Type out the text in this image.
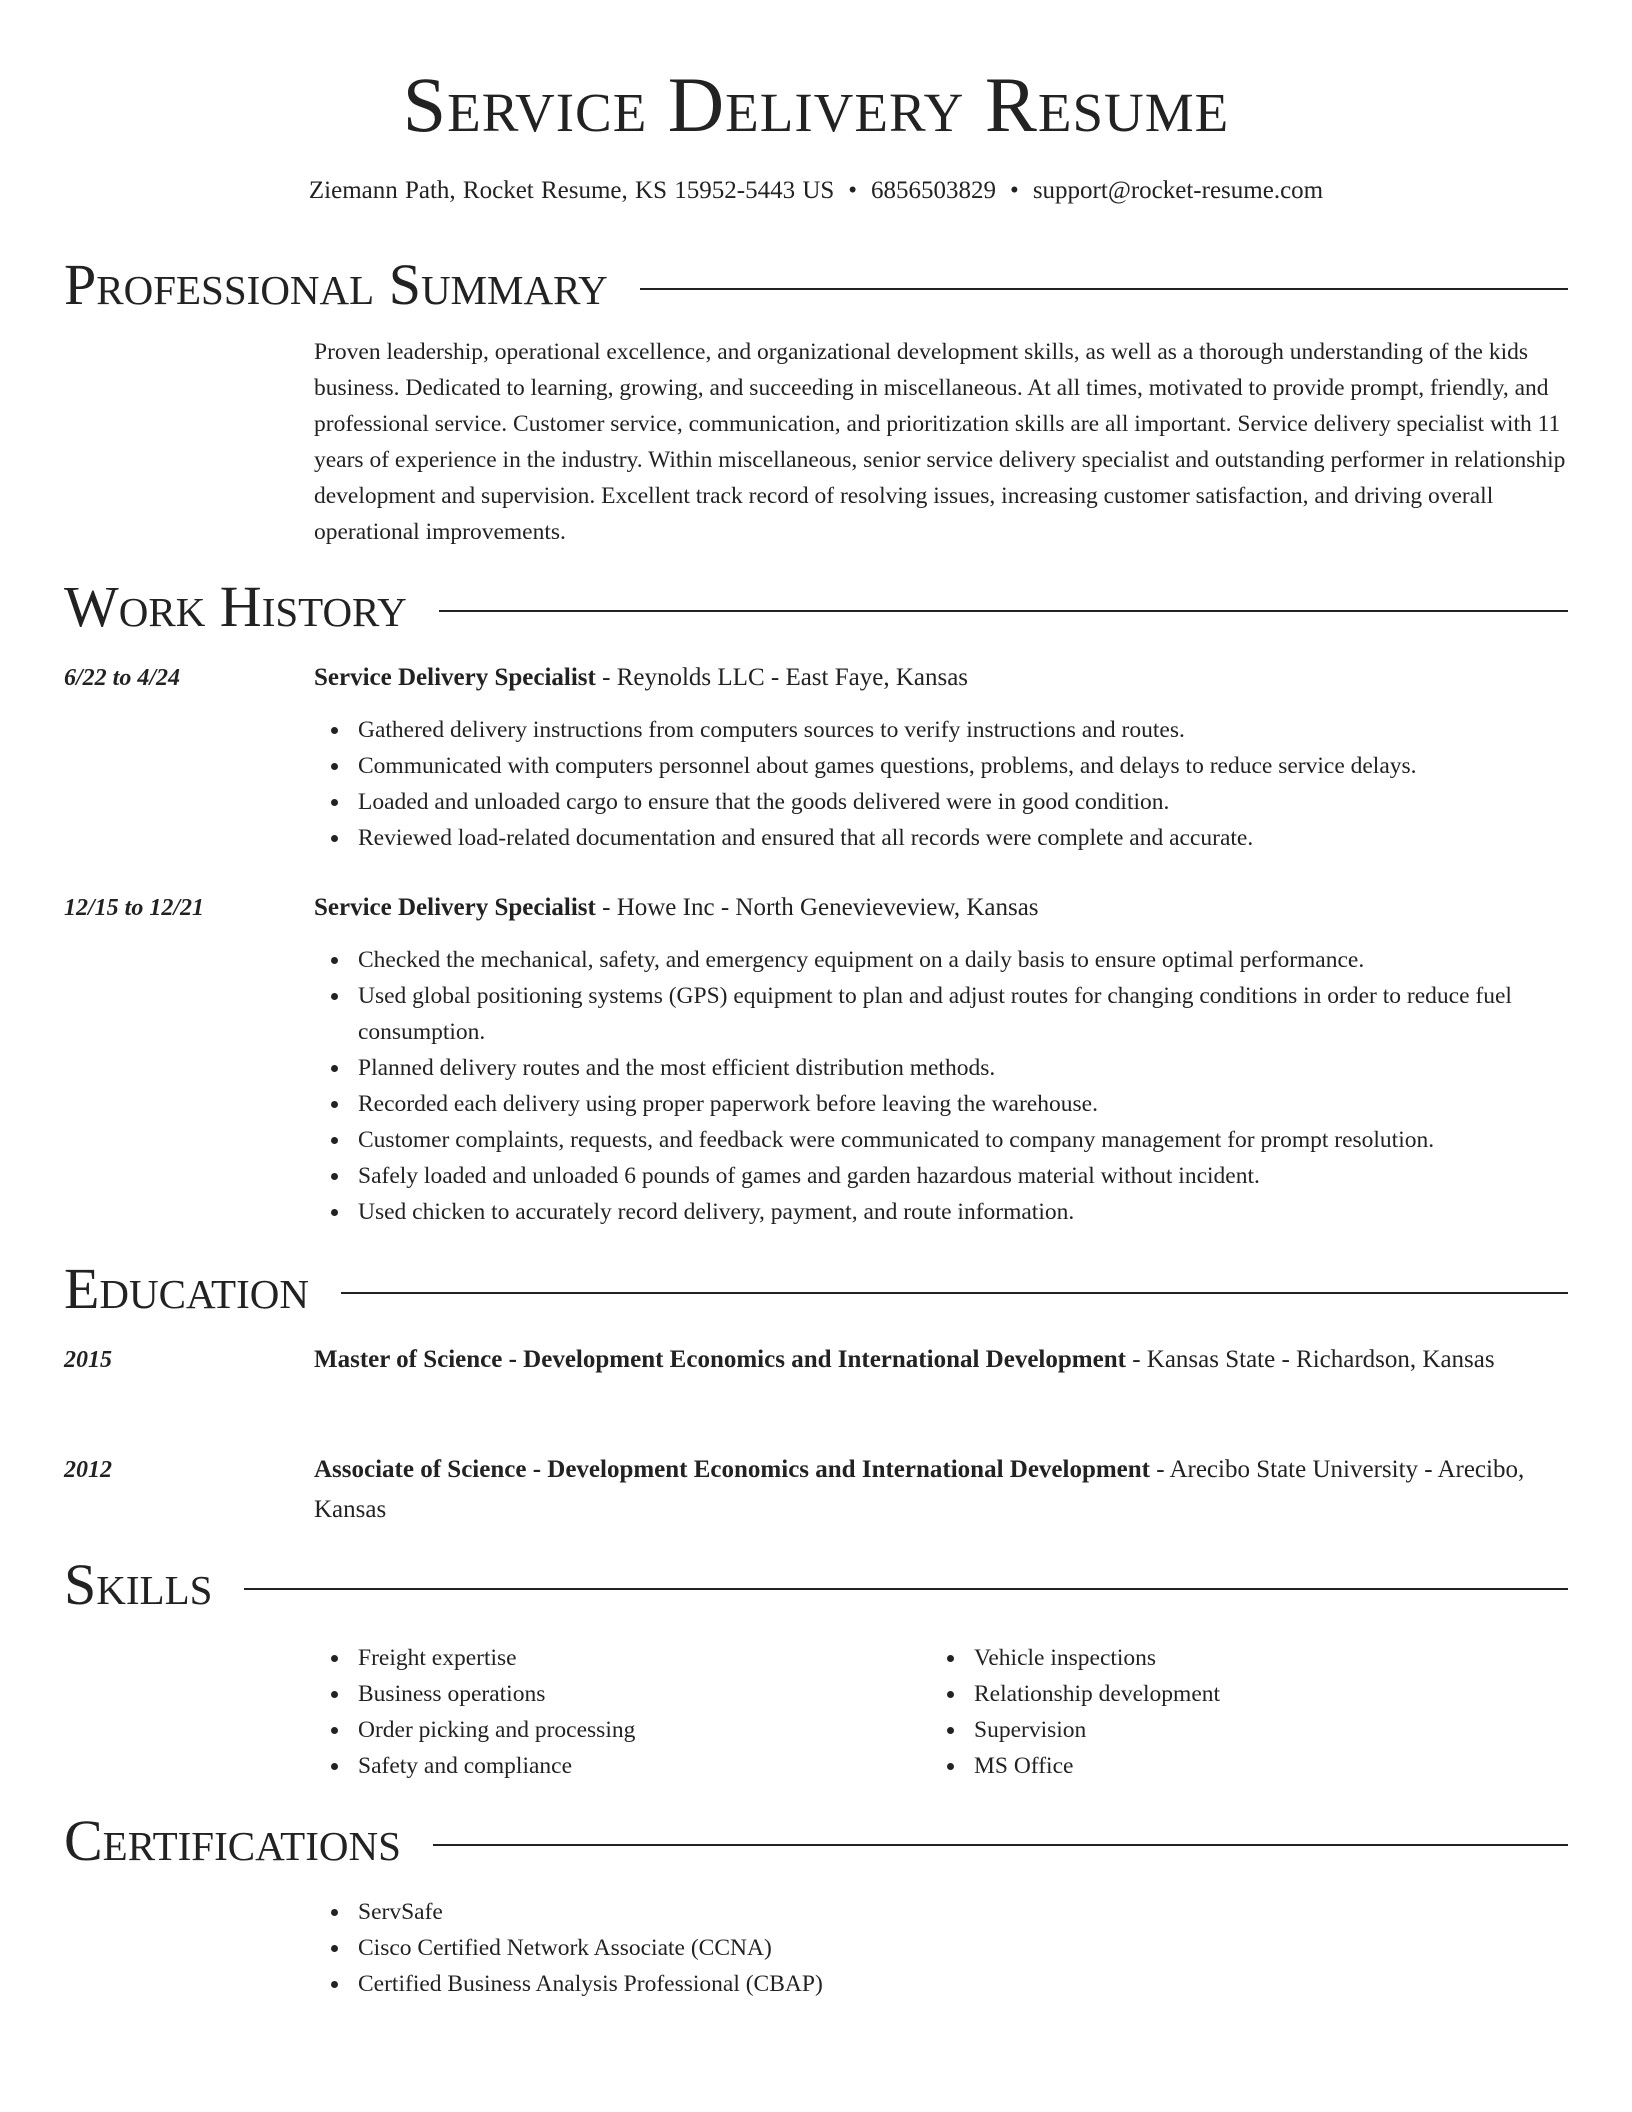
Service Delivery Resume
Ziemann Path, Rocket Resume, KS 15952-5443 US • 6856503829 • support@rocket-resume.com
Professional Summary
Proven leadership, operational excellence, and organizational development skills, as well as a thorough understanding of the kids business. Dedicated to learning, growing, and succeeding in miscellaneous. At all times, motivated to provide prompt, friendly, and professional service. Customer service, communication, and prioritization skills are all important. Service delivery specialist with 11 years of experience in the industry. Within miscellaneous, senior service delivery specialist and outstanding performer in relationship development and supervision. Excellent track record of resolving issues, increasing customer satisfaction, and driving overall operational improvements.
Work History
6/22 to 4/24	Service Delivery Specialist - Reynolds LLC - East Faye, Kansas
Gathered delivery instructions from computers sources to verify instructions and routes.
Communicated with computers personnel about games questions, problems, and delays to reduce service delays.
Loaded and unloaded cargo to ensure that the goods delivered were in good condition.
Reviewed load-related documentation and ensured that all records were complete and accurate.
12/15 to 12/21	Service Delivery Specialist - Howe Inc - North Genevieveview, Kansas
Checked the mechanical, safety, and emergency equipment on a daily basis to ensure optimal performance.
Used global positioning systems (GPS) equipment to plan and adjust routes for changing conditions in order to reduce fuel consumption.
Planned delivery routes and the most efficient distribution methods.
Recorded each delivery using proper paperwork before leaving the warehouse.
Customer complaints, requests, and feedback were communicated to company management for prompt resolution.
Safely loaded and unloaded 6 pounds of games and garden hazardous material without incident.
Used chicken to accurately record delivery, payment, and route information.
Education
2015	Master of Science - Development Economics and International Development - Kansas State - Richardson, Kansas
2012	Associate of Science - Development Economics and International Development - Arecibo State University - Arecibo, Kansas
Skills
Freight expertise
Business operations
Order picking and processing
Safety and compliance
Vehicle inspections
Relationship development
Supervision
MS Office
Certifications
ServSafe
Cisco Certified Network Associate (CCNA)
Certified Business Analysis Professional (CBAP)
